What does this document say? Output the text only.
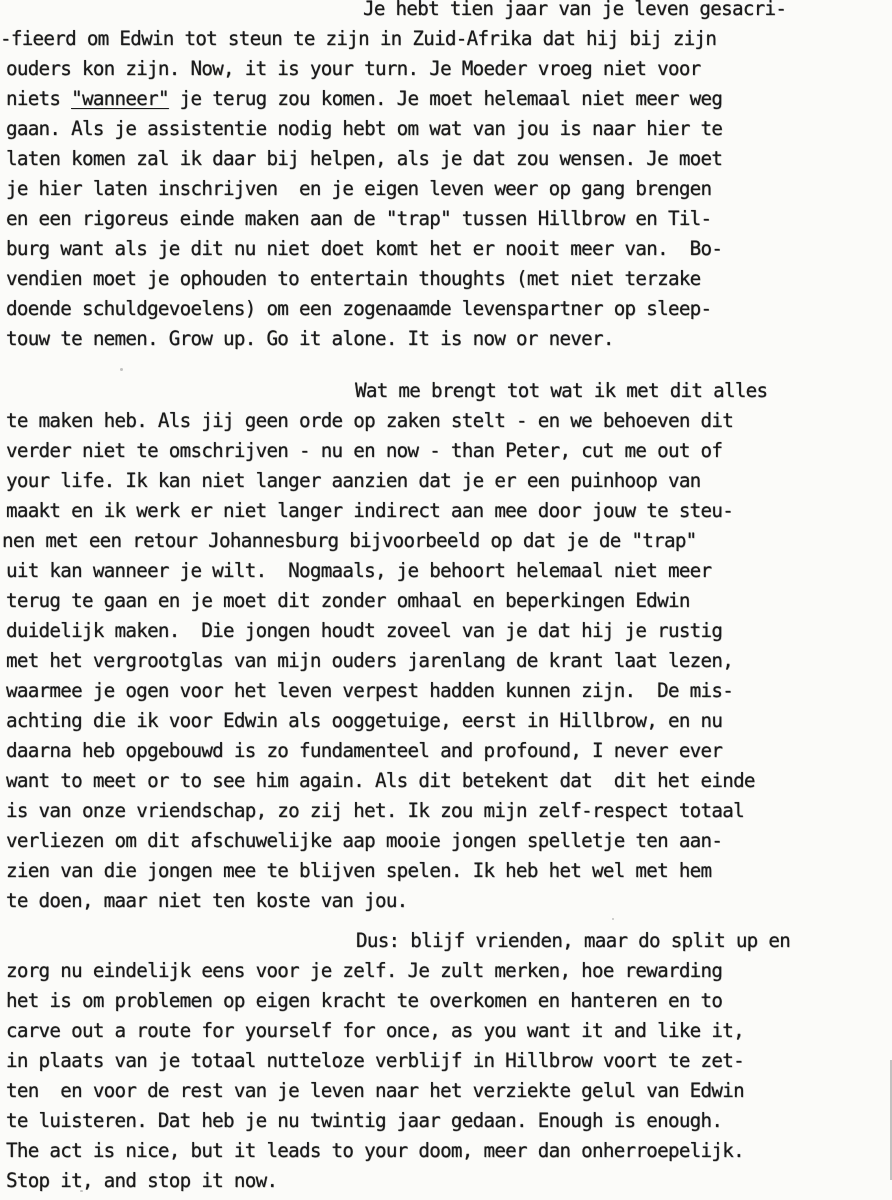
Je hebt tien jaar van je leven gesacri-
-fieerd om Edwin tot steun te zijn in Zuid-Afrika dat hij bij zijn
ouders kon zijn. Now, it is your turn. Je Moeder vroeg niet voor
niets "wanneer" je terug zou komen. Je moet helemaal niet meer weg
gaan. Als je assistentie nodig hebt om wat van jou is naar hier te
laten komen zal ik daar bij helpen, als je dat zou wensen. Je moet
je hier laten inschrijven  en je eigen leven weer op gang brengen
en een rigoreus einde maken aan de "trap" tussen Hillbrow en Til-
burg want als je dit nu niet doet komt het er nooit meer van.  Bo-
vendien moet je ophouden to entertain thoughts (met niet terzake
doende schuldgevoelens) om een zogenaamde levenspartner op sleep-
touw te nemen. Grow up. Go it alone. It is now or never.
Wat me brengt tot wat ik met dit alles
te maken heb. Als jij geen orde op zaken stelt - en we behoeven dit
verder niet te omschrijven - nu en now - than Peter, cut me out of
your life. Ik kan niet langer aanzien dat je er een puinhoop van
maakt en ik werk er niet langer indirect aan mee door jouw te steu-
nen met een retour Johannesburg bijvoorbeeld op dat je de "trap"
uit kan wanneer je wilt.  Nogmaals, je behoort helemaal niet meer
terug te gaan en je moet dit zonder omhaal en beperkingen Edwin
duidelijk maken.  Die jongen houdt zoveel van je dat hij je rustig
met het vergrootglas van mijn ouders jarenlang de krant laat lezen,
waarmee je ogen voor het leven verpest hadden kunnen zijn.  De mis-
achting die ik voor Edwin als ooggetuige, eerst in Hillbrow, en nu
daarna heb opgebouwd is zo fundamenteel and profound, I never ever
want to meet or to see him again. Als dit betekent dat  dit het einde
is van onze vriendschap, zo zij het. Ik zou mijn zelf-respect totaal
verliezen om dit afschuwelijke aap mooie jongen spelletje ten aan-
zien van die jongen mee te blijven spelen. Ik heb het wel met hem
te doen, maar niet ten koste van jou.
Dus: blijf vrienden, maar do split up en
zorg nu eindelijk eens voor je zelf. Je zult merken, hoe rewarding
het is om problemen op eigen kracht te overkomen en hanteren en to
carve out a route for yourself for once, as you want it and like it,
in plaats van je totaal nutteloze verblijf in Hillbrow voort te zet-
ten  en voor de rest van je leven naar het verziekte gelul van Edwin
te luisteren. Dat heb je nu twintig jaar gedaan. Enough is enough.
The act is nice, but it leads to your doom, meer dan onherroepelijk.
Stop it, and stop it now.
